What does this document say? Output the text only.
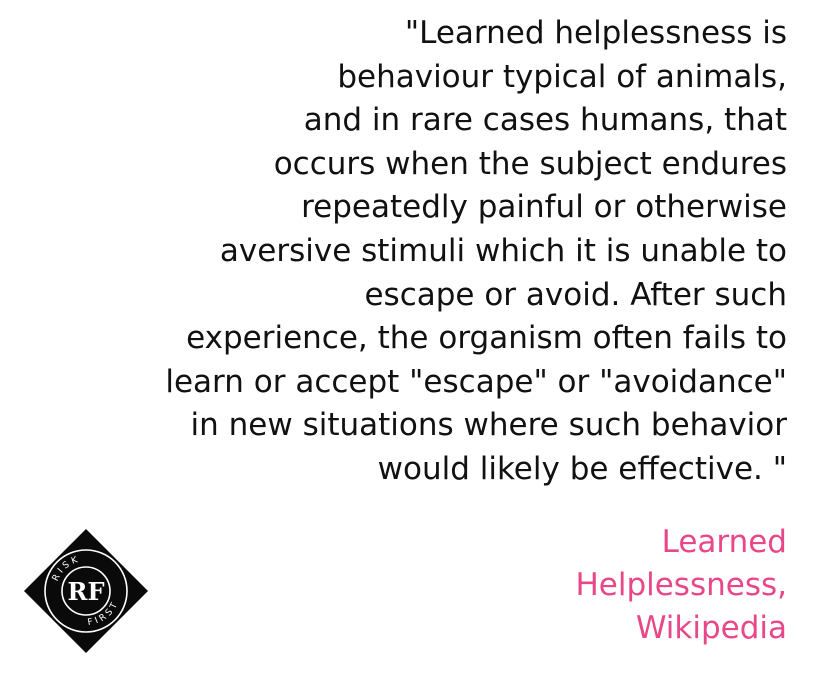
"Learned helplessness is
behaviour typical of animals,
and in rare cases humans, that
occurs when the subject endures
repeatedly painful or otherwise
aversive stimuli which it is unable to
escape or avoid. After such
experience, the organism often fails to
learn or accept "escape" or "avoidance"
in new situations where such behavior
would likely be effective. "
Learned
Helplessness,
Wikipedia
RISK
FIRST
RF
